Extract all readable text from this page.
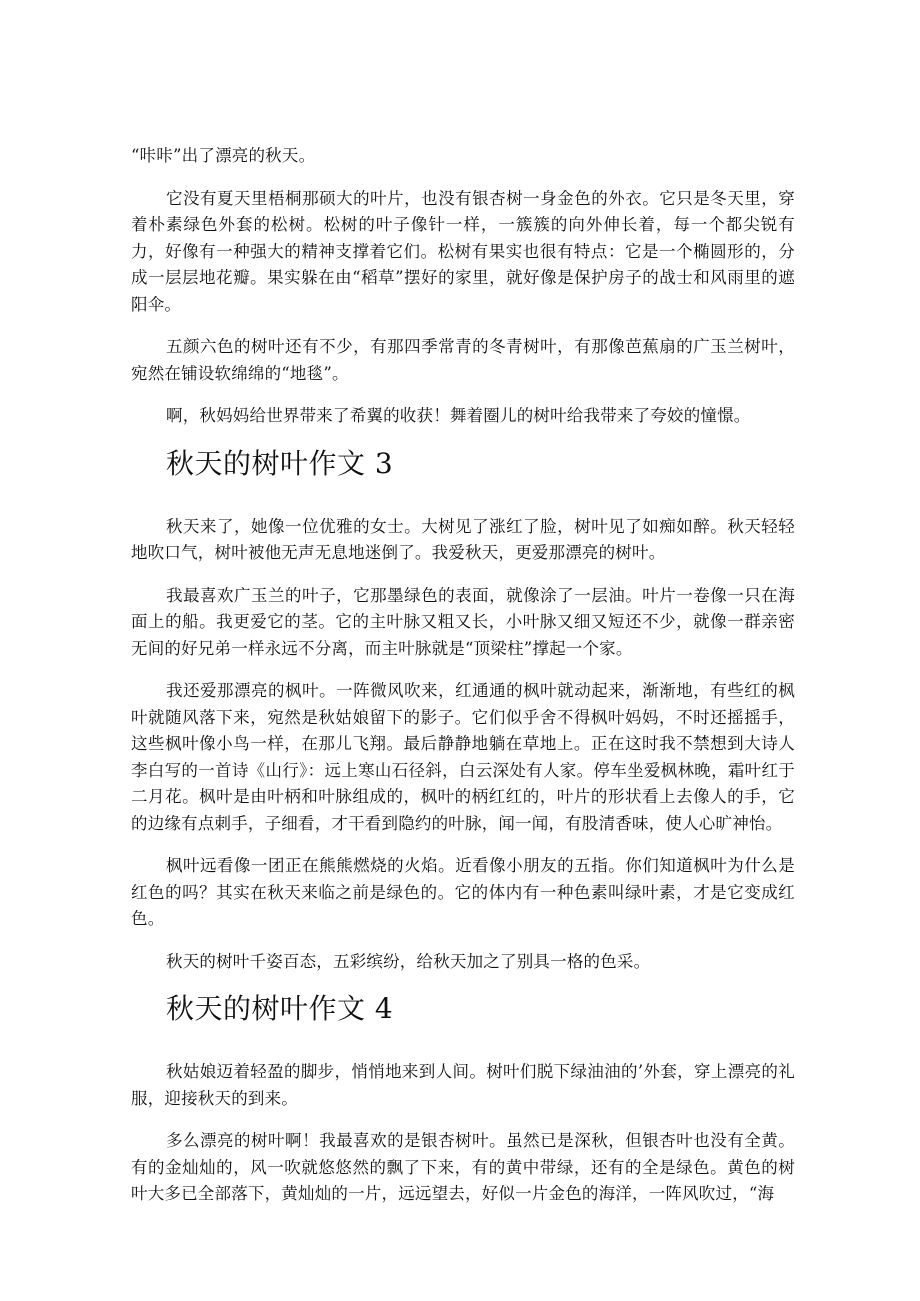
“咔咔”出了漂亮的秋天。

它没有夏天里梧桐那硕大的叶片，也没有银杏树一身金色的外衣。它只是冬天里，穿着朴素绿色外套的松树。松树的叶子像针一样，一簇簇的向外伸长着，每一个都尖锐有力，好像有一种强大的精神支撑着它们。松树有果实也很有特点：它是一个椭圆形的，分成一层层地花瓣。果实躲在由“稻草”摆好的家里，就好像是保护房子的战士和风雨里的遮阳伞。

五颜六色的树叶还有不少，有那四季常青的冬青树叶，有那像芭蕉扇的广玉兰树叶，宛然在铺设软绵绵的“地毯”。

啊，秋妈妈给世界带来了希翼的收获！舞着圈儿的树叶给我带来了夸姣的憧憬。

秋天的树叶作文 3

秋天来了，她像一位优雅的女士。大树见了涨红了脸，树叶见了如痴如醉。秋天轻轻地吹口气，树叶被他无声无息地迷倒了。我爱秋天，更爱那漂亮的树叶。

我最喜欢广玉兰的叶子，它那墨绿色的表面，就像涂了一层油。叶片一卷像一只在海面上的船。我更爱它的茎。它的主叶脉又粗又长，小叶脉又细又短还不少，就像一群亲密无间的好兄弟一样永远不分离，而主叶脉就是“顶梁柱”撑起一个家。

我还爱那漂亮的枫叶。一阵微风吹来，红通通的枫叶就动起来，渐渐地，有些红的枫叶就随风落下来，宛然是秋姑娘留下的影子。它们似乎舍不得枫叶妈妈，不时还摇摇手，这些枫叶像小鸟一样，在那儿飞翔。最后静静地躺在草地上。正在这时我不禁想到大诗人李白写的一首诗《山行》：远上寒山石径斜，白云深处有人家。停车坐爱枫林晚，霜叶红于二月花。枫叶是由叶柄和叶脉组成的，枫叶的柄红红的，叶片的形状看上去像人的手，它的边缘有点刺手，子细看，才干看到隐约的叶脉，闻一闻，有股清香味，使人心旷神怡。

枫叶远看像一团正在熊熊燃烧的火焰。近看像小朋友的五指。你们知道枫叶为什么是红色的吗？其实在秋天来临之前是绿色的。它的体内有一种色素叫绿叶素，才是它变成红色。

秋天的树叶千姿百态，五彩缤纷，给秋天加之了别具一格的色采。

秋天的树叶作文 4

秋姑娘迈着轻盈的脚步，悄悄地来到人间。树叶们脱下绿油油的’外套，穿上漂亮的礼服，迎接秋天的到来。

多么漂亮的树叶啊！我最喜欢的是银杏树叶。虽然已是深秋，但银杏叶也没有全黄。有的金灿灿的，风一吹就悠悠然的飘了下来，有的黄中带绿，还有的全是绿色。黄色的树叶大多已全部落下，黄灿灿的一片，远远望去，好似一片金色的海洋，一阵风吹过，“海
